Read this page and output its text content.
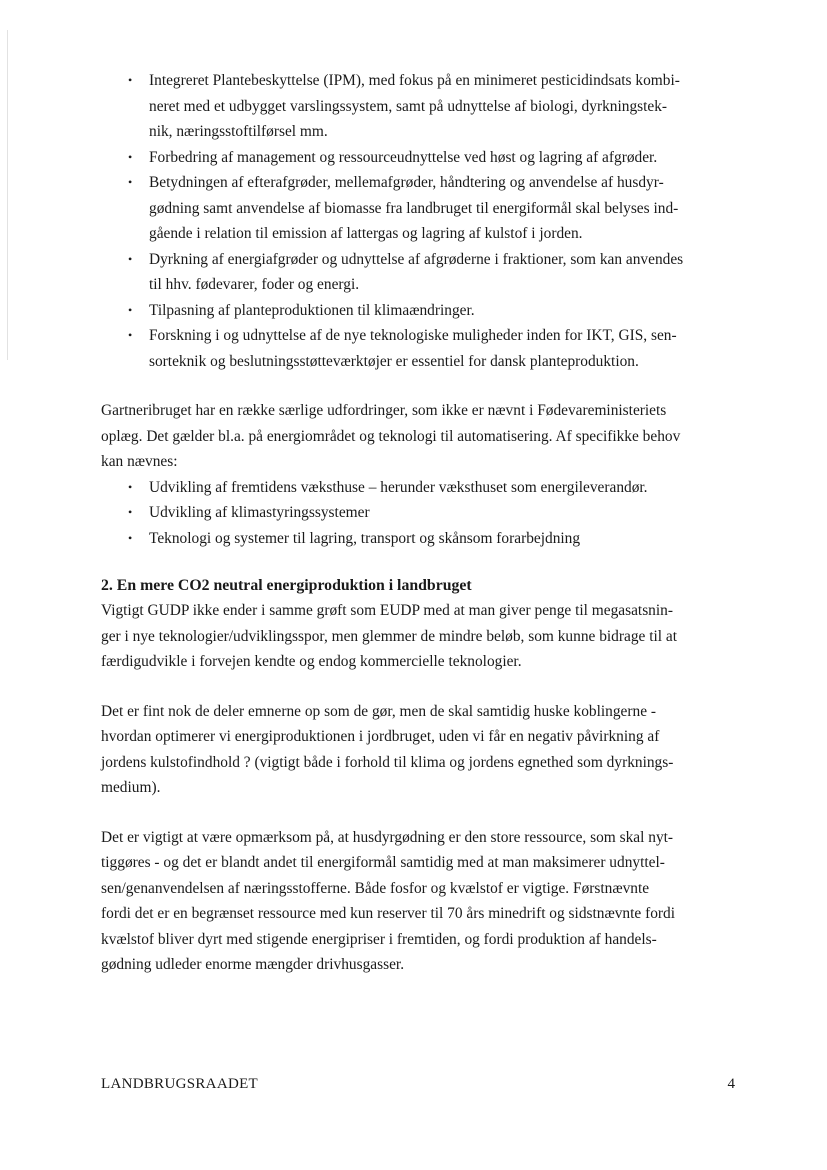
• Integreret Plantebeskyttelse (IPM), med fokus på en minimeret pesticidindsats kombi-
neret med et udbygget varslingssystem, samt på udnyttelse af biologi, dyrkningstek-
nik, næringsstoftilførsel mm.
• Forbedring af management og ressourceudnyttelse ved høst og lagring af afgrøder.
• Betydningen af efterafgrøder, mellemafgrøder, håndtering og anvendelse af husdyr-
gødning samt anvendelse af biomasse fra landbruget til energiformål skal belyses ind-
gående i relation til emission af lattergas og lagring af kulstof i jorden.
• Dyrkning af energiafgrøder og udnyttelse af afgrøderne i fraktioner, som kan anvendes
til hhv. fødevarer, foder og energi.
• Tilpasning af planteproduktionen til klimaændringer.
• Forskning i og udnyttelse af de nye teknologiske muligheder inden for IKT, GIS, sen-
sorteknik og beslutningsstøtteværktøjer er essentiel for dansk planteproduktion.

Gartneribruget har en række særlige udfordringer, som ikke er nævnt i Fødevareministeriets
oplæg. Det gælder bl.a. på energiområdet og teknologi til automatisering. Af specifikke behov
kan nævnes:

• Udvikling af fremtidens væksthuse – herunder væksthuset som energileverandør.
• Udvikling af klimastyringssystemer
• Teknologi og systemer til lagring, transport og skånsom forarbejdning
2. En mere CO2 neutral energiproduktion i landbruget

Vigtigt GUDP ikke ender i samme grøft som EUDP med at man giver penge til megasatsnin-
ger i nye teknologier/udviklingsspor, men glemmer de mindre beløb, som kunne bidrage til at
færdigudvikle i forvejen kendte og endog kommercielle teknologier.

Det er fint nok de deler emnerne op som de gør, men de skal samtidig huske koblingerne -
hvordan optimerer vi energiproduktionen i jordbruget, uden vi får en negativ påvirkning af
jordens kulstofindhold ? (vigtigt både i forhold til klima og jordens egnethed som dyrknings-
medium).

Det er vigtigt at være opmærksom på, at husdyrgødning er den store ressource, som skal nyt-
tiggøres - og det er blandt andet til energiformål samtidig med at man maksimerer udnyttel-
sen/genanvendelsen af næringsstofferne. Både fosfor og kvælstof er vigtige. Førstnævnte
fordi det er en begrænset ressource med kun reserver til 70 års minedrift og sidstnævnte fordi
kvælstof bliver dyrt med stigende energipriser i fremtiden, og fordi produktion af handels-
gødning udleder enorme mængder drivhusgasser.

LANDBRUGSRAADET	4
